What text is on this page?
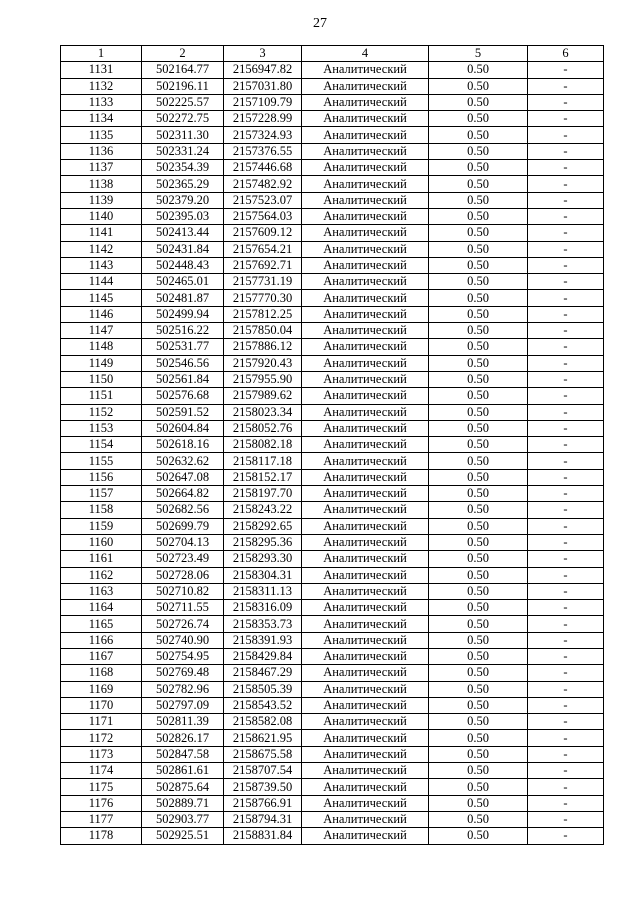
27
1	2	3	4	5	6
1131	502164.77	2156947.82	Аналитический	0.50	-
1132	502196.11	2157031.80	Аналитический	0.50	-
1133	502225.57	2157109.79	Аналитический	0.50	-
1134	502272.75	2157228.99	Аналитический	0.50	-
1135	502311.30	2157324.93	Аналитический	0.50	-
1136	502331.24	2157376.55	Аналитический	0.50	-
1137	502354.39	2157446.68	Аналитический	0.50	-
1138	502365.29	2157482.92	Аналитический	0.50	-
1139	502379.20	2157523.07	Аналитический	0.50	-
1140	502395.03	2157564.03	Аналитический	0.50	-
1141	502413.44	2157609.12	Аналитический	0.50	-
1142	502431.84	2157654.21	Аналитический	0.50	-
1143	502448.43	2157692.71	Аналитический	0.50	-
1144	502465.01	2157731.19	Аналитический	0.50	-
1145	502481.87	2157770.30	Аналитический	0.50	-
1146	502499.94	2157812.25	Аналитический	0.50	-
1147	502516.22	2157850.04	Аналитический	0.50	-
1148	502531.77	2157886.12	Аналитический	0.50	-
1149	502546.56	2157920.43	Аналитический	0.50	-
1150	502561.84	2157955.90	Аналитический	0.50	-
1151	502576.68	2157989.62	Аналитический	0.50	-
1152	502591.52	2158023.34	Аналитический	0.50	-
1153	502604.84	2158052.76	Аналитический	0.50	-
1154	502618.16	2158082.18	Аналитический	0.50	-
1155	502632.62	2158117.18	Аналитический	0.50	-
1156	502647.08	2158152.17	Аналитический	0.50	-
1157	502664.82	2158197.70	Аналитический	0.50	-
1158	502682.56	2158243.22	Аналитический	0.50	-
1159	502699.79	2158292.65	Аналитический	0.50	-
1160	502704.13	2158295.36	Аналитический	0.50	-
1161	502723.49	2158293.30	Аналитический	0.50	-
1162	502728.06	2158304.31	Аналитический	0.50	-
1163	502710.82	2158311.13	Аналитический	0.50	-
1164	502711.55	2158316.09	Аналитический	0.50	-
1165	502726.74	2158353.73	Аналитический	0.50	-
1166	502740.90	2158391.93	Аналитический	0.50	-
1167	502754.95	2158429.84	Аналитический	0.50	-
1168	502769.48	2158467.29	Аналитический	0.50	-
1169	502782.96	2158505.39	Аналитический	0.50	-
1170	502797.09	2158543.52	Аналитический	0.50	-
1171	502811.39	2158582.08	Аналитический	0.50	-
1172	502826.17	2158621.95	Аналитический	0.50	-
1173	502847.58	2158675.58	Аналитический	0.50	-
1174	502861.61	2158707.54	Аналитический	0.50	-
1175	502875.64	2158739.50	Аналитический	0.50	-
1176	502889.71	2158766.91	Аналитический	0.50	-
1177	502903.77	2158794.31	Аналитический	0.50	-
1178	502925.51	2158831.84	Аналитический	0.50	-
